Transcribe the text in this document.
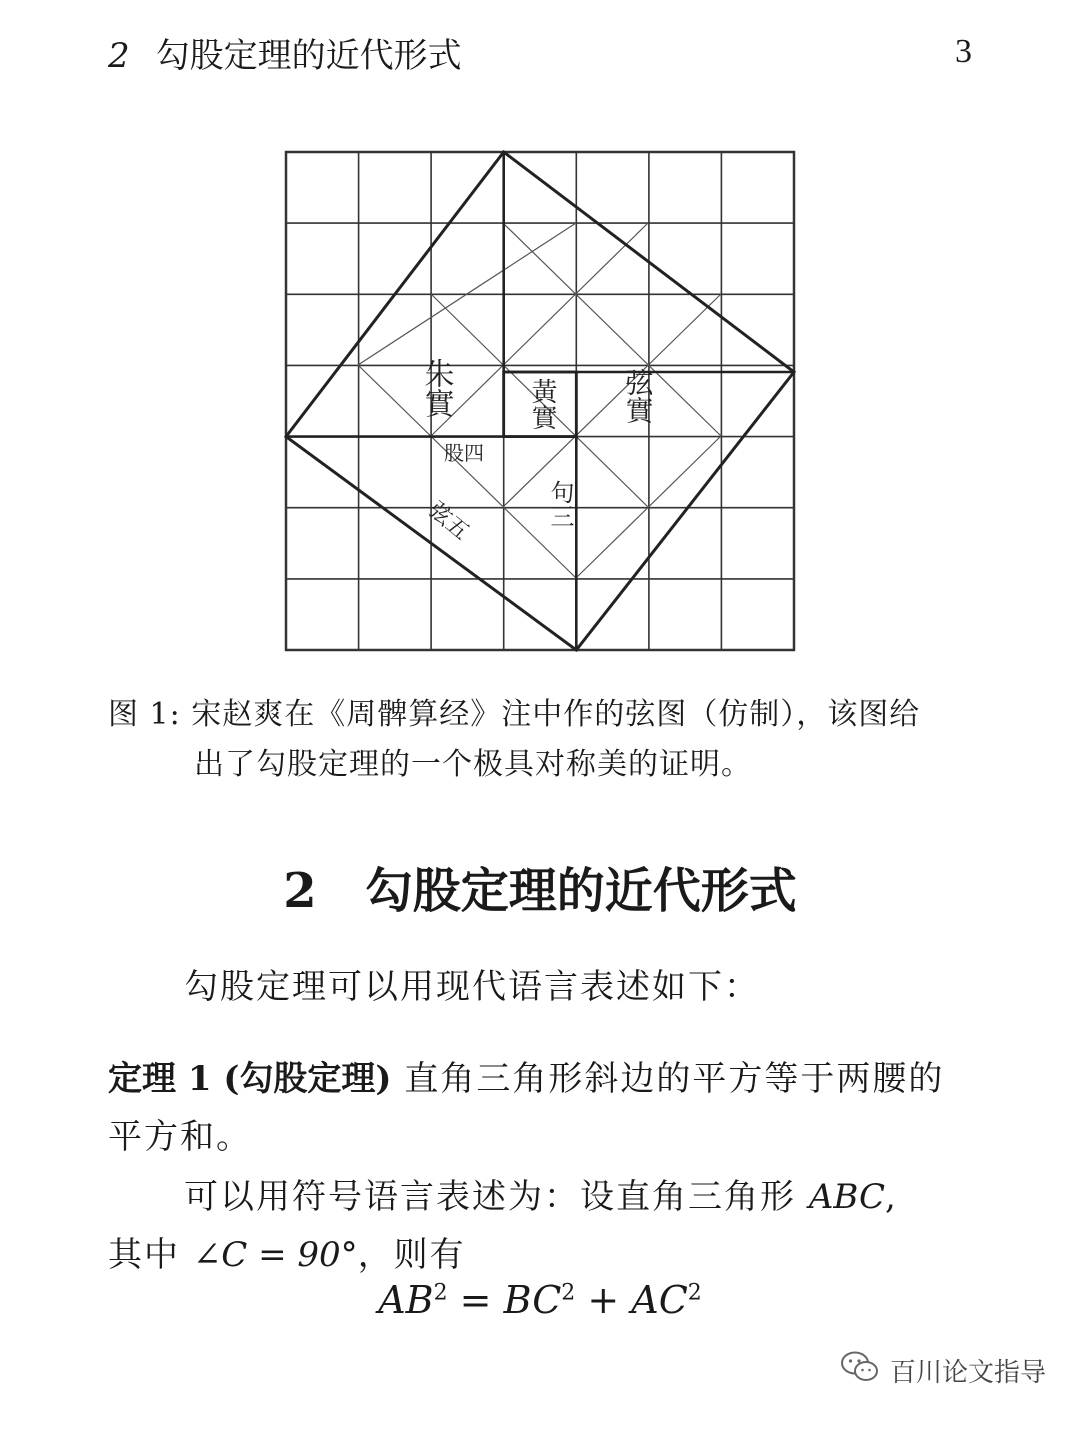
2 勾股定理的近代形式	3
朱實	黃實 弦實
股四
句三
弦五
图 1: 宋赵爽在《周髀算经》注中作的弦图（仿制），该图给
出了勾股定理的一个极具对称美的证明。
2 勾股定理的近代形式
勾股定理可以用现代语言表述如下：
定理 1 (勾股定理) 直角三角形斜边的平方等于两腰的平方和。
可以用符号语言表述为：设直角三角形 ABC,
其中 ∠C = 90°，则有
$AB^2 = BC^2 + AC^2$
百川论文指导
